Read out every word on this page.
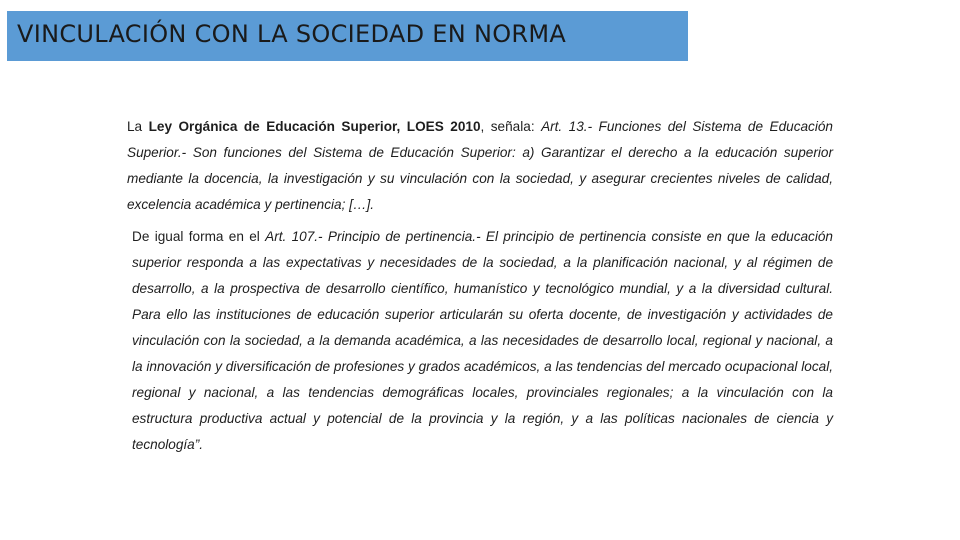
VINCULACIÓN CON LA SOCIEDAD EN NORMA

La Ley Orgánica de Educación Superior, LOES 2010, señala: Art. 13.- Funciones del Sistema de Educación Superior.- Son funciones del Sistema de Educación Superior: a) Garantizar el derecho a la educación superior mediante la docencia, la investigación y su vinculación con la sociedad, y asegurar crecientes niveles de calidad, excelencia académica y pertinencia; […].

De igual forma en el Art. 107.- Principio de pertinencia.- El principio de pertinencia consiste en que la educación superior responda a las expectativas y necesidades de la sociedad, a la planificación nacional, y al régimen de desarrollo, a la prospectiva de desarrollo científico, humanístico y tecnológico mundial, y a la diversidad cultural. Para ello las instituciones de educación superior articularán su oferta docente, de investigación y actividades de vinculación con la sociedad, a la demanda académica, a las necesidades de desarrollo local, regional y nacional, a la innovación y diversificación de profesiones y grados académicos, a las tendencias del mercado ocupacional local, regional y nacional, a las tendencias demográficas locales, provinciales regionales; a la vinculación con la estructura productiva actual y potencial de la provincia y la región, y a las políticas nacionales de ciencia y tecnología”.
